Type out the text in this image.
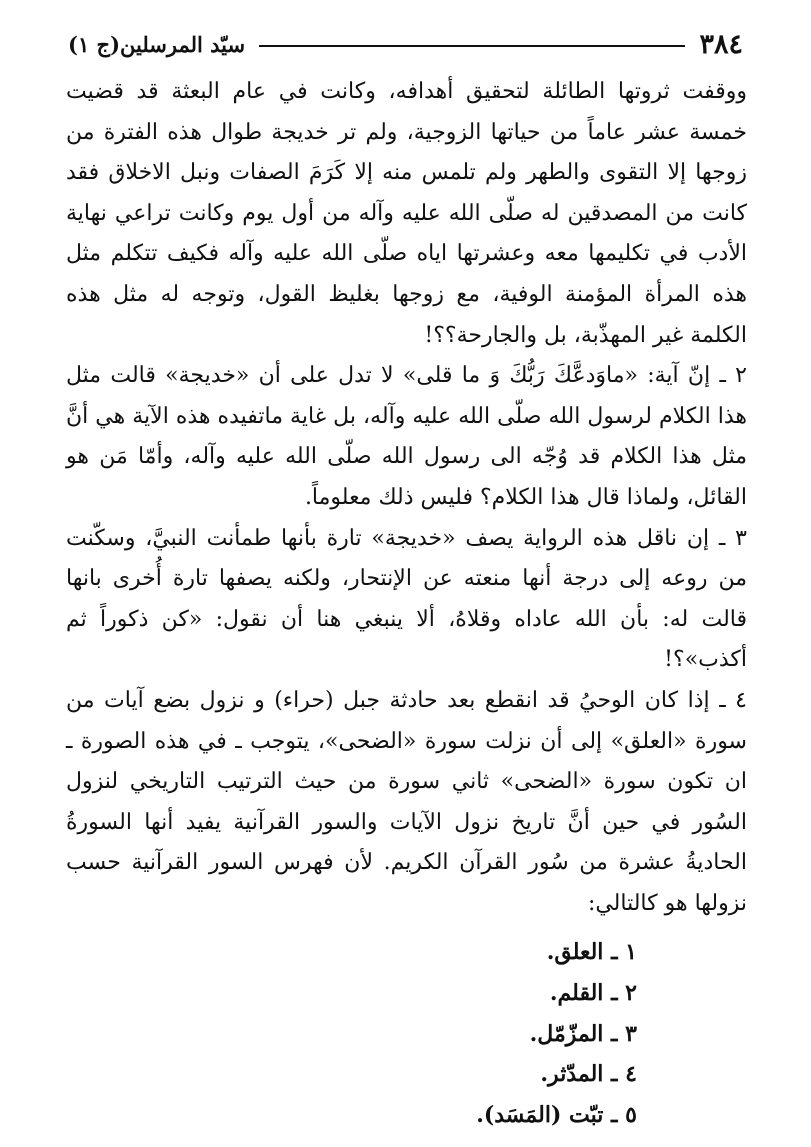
٣٨٤
سيّد المرسلين(ج ١)

ووقفت ثروتها الطائلة لتحقيق أهدافه، وكانت في عام البعثة قد قضيت خمسة عشر عاماً من حياتها الزوجية، ولم تر خديجة طوال هذه الفترة من زوجها إلا التقوى والطهر ولم تلمس منه إلا كَرَمَ الصفات ونبل الاخلاق فقد كانت من المصدقين له صلّى الله عليه وآله من أول يوم وكانت تراعي نهاية الأدب في تكليمها معه وعشرتها اياه صلّى الله عليه وآله فكيف تتكلم مثل هذه المرأة المؤمنة الوفية، مع زوجها بغليظ القول، وتوجه له مثل هذه الكلمة غير المهذّبة، بل والجارحة؟؟!

٢ ـ إنّ آية: «ماوَدعَّكَ رَبُّكَ وَ ما قلى» لا تدل على أن «خديجة» قالت مثل هذا الكلام لرسول الله صلّى الله عليه وآله، بل غاية ماتفيده هذه الآية هي أنَّ مثل هذا الكلام قد وُجّه الى رسول الله صلّى الله عليه وآله، وأمّا مَن هو القائل، ولماذا قال هذا الكلام؟ فليس ذلك معلوماً.

٣ ـ إن ناقل هذه الرواية يصف «خديجة» تارة بأنها طمأنت النبيَّ، وسكّنت من روعه إلى درجة أنها منعته عن الإنتحار، ولكنه يصفها تارة أُخرى بانها قالت له: بأن الله عاداه وقلاهُ، ألا ينبغي هنا أن نقول: «كن ذكوراً ثم أكذب»؟!

٤ ـ إذا كان الوحيُ قد انقطع بعد حادثة جبل (حراء) و نزول بضع آيات من سورة «العلق» إلى أن نزلت سورة «الضحى»، يتوجب ـ في هذه الصورة ـ ان تكون سورة «الضحى» ثاني سورة من حيث الترتيب التاريخي لنزول السُور في حين أنَّ تاريخ نزول الآيات والسور القرآنية يفيد أنها السورةُ الحاديةُ عشرة من سُور القرآن الكريم. لأن فهرس السور القرآنية حسب نزولها هو كالتالي:

١ ـ العلق.
٢ ـ القلم.
٣ ـ المزّمّل.
٤ ـ المدّثر.
٥ ـ تبّت (المَسَد).
